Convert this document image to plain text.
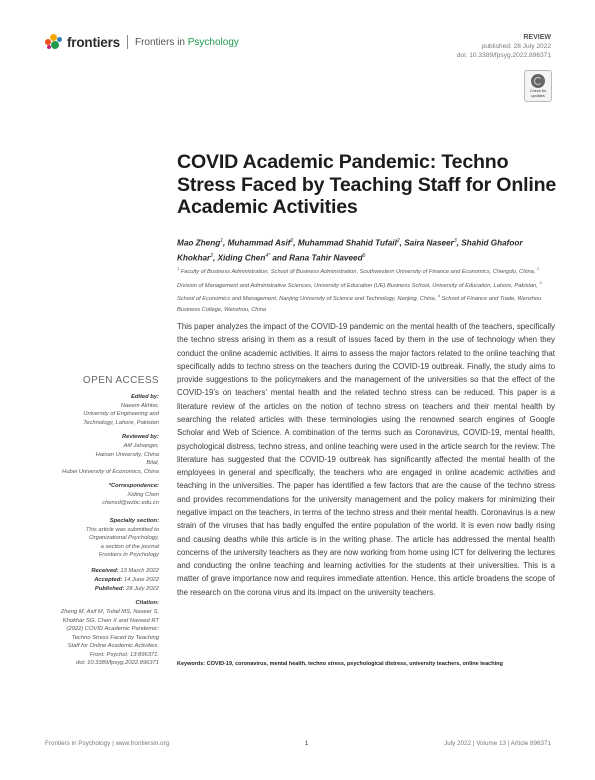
frontiers Frontiers in Psychology	REVIEW
published: 28 July 2022
doi: 10.3389/fpsyg.2022.896371
Check for
updates
COVID Academic Pandemic: Techno Stress Faced by Teaching Staff for Online Academic Activities
Mao Zheng$^1$, Muhammad Asif$^2$, Muhammad Shahid Tufail$^2$, Saira Naseer$^3$, Shahid Ghafoor Khokhar$^2$, Xiding Chen$^{4*}$ and Rana Tahir Naveed$^5$
$^1$ Faculty of Business Administration, School of Business Administration, Southwestern University of Finance and Economics, Chengdu, China, $^2$ Division of Management and Administrative Sciences, University of Education (UE) Business School, University of Education, Lahore, Pakistan, $^3$ School of Economics and Management, Nanjing University of Science and Technology, Nanjing, China, $^4$ School of Finance and Trade, Wenzhou Business College, Wenzhou, China
This paper analyzes the impact of the COVID-19 pandemic on the mental health of the teachers, specifically the techno stress arising in them as a result of issues faced by them in the use of technology when they conduct the online academic activities. It aims to assess the major factors related to the online teaching that specifically adds to techno stress on the teachers during the COVID-19 outbreak. Finally, the study aims to provide suggestions to the policymakers and the management of the universities so that the effect of the COVID-19’s on teachers’ mental health and the related techno stress can be reduced. This paper is a literature review of the articles on the notion of techno stress on teachers and their mental health by searching the related articles with these terminologies using the renowned search engines of Google Scholar and Web of Science. A combination of the terms such as Coronavirus, COVID-19, mental health, psychological distress, techno stress, and online teaching were used in the article search for the review. The literature has suggested that the COVID-19 outbreak has significantly affected the mental health of the employees in general and specifically, the teachers who are engaged in online academic activities and teaching in the universities. The paper has identified a few factors that are the cause of the techno stress and provides recommendations for the university management and the policy makers for minimizing their negative impact on the teachers, in terms of the techno stress and their mental health. Coronavirus is a new strain of the viruses that has badly engulfed the entire population of the world. It is even now badly rising and causing deaths while this article is in the writing phase. The article has addressed the mental health concerns of the university teachers as they are now working from home using ICT for delivering the lectures and conducting the online teaching and learning activities for the students at their universities. This is a matter of grave importance now and requires immediate attention. Hence, this article broadens the scope of the research on the corona virus and its impact on the university teachers.
Keywords: COVID-19, coronavirus, mental health, techno stress, psychological distress, university teachers, online teaching
OPEN ACCESS
Edited by:
Naeem Akhtar,
University of Engineering and
Technology, Lahore, Pakistan
Reviewed by:
Atif Jahanger,
Hainan University, China
Bilal,
Hubei University of Economics, China
*Correspondence:
Xiding Chen
chenxd@wzbc.edu.cn
Specialty section:
This article was submitted to
Organizational Psychology,
a section of the journal
Frontiers in Psychology
Received: 13 March 2022
Accepted: 14 June 2022
Published: 28 July 2022
Citation:
Zheng M, Asif M, Tufail MS, Naseer S,
Khokhar SG, Chen X and Naveed RT
(2022) COVID Academic Pandemic:
Techno Stress Faced by Teaching
Staff for Online Academic Activities.
Front. Psychol. 13:896371.
doi: 10.3389/fpsyg.2022.896371
Frontiers in Psychology | www.frontiersin.org	1	July 2022 | Volume 13 | Article 896371
